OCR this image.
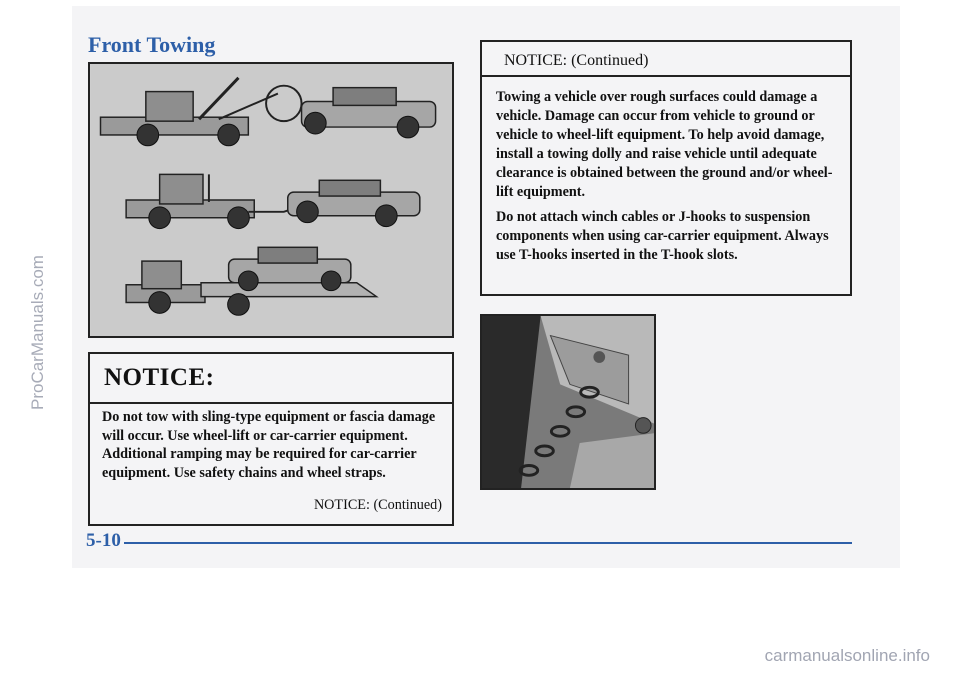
Front Towing
NOTICE:
Do not tow with sling-type equipment or fascia damage will occur. Use wheel-lift or car-carrier equipment. Additional ramping may be required for car-carrier equipment. Use safety chains and wheel straps.
NOTICE: (Continued)
NOTICE: (Continued)

Towing a vehicle over rough surfaces could damage a vehicle. Damage can occur from vehicle to ground or vehicle to wheel-lift equipment. To help avoid damage, install a towing dolly and raise vehicle until adequate clearance is obtained between the ground and/or wheel-lift equipment.

Do not attach winch cables or J-hooks to suspension components when using car-carrier equipment. Always use T-hooks inserted in the T-hook slots.

5-10
ProCarManuals.com
carmanualsonline.info
